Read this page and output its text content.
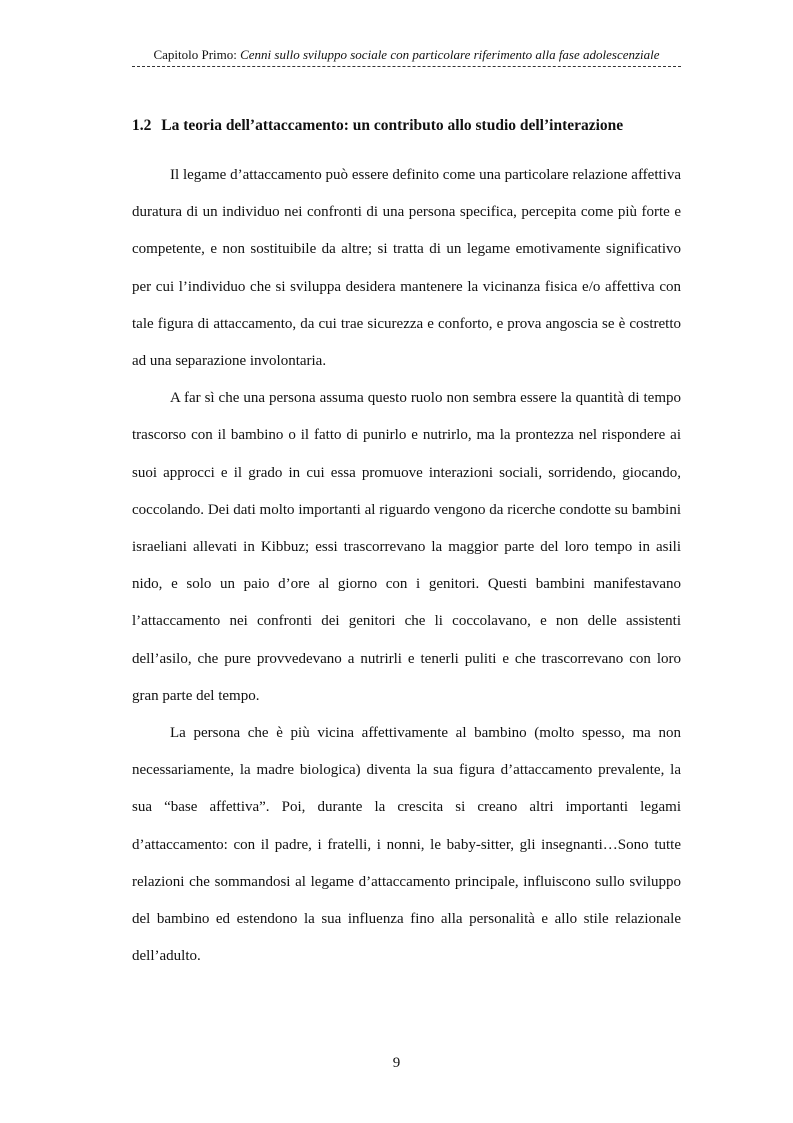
Capitolo Primo: Cenni sullo sviluppo sociale con particolare riferimento alla fase adolescenziale
1.2 La teoria dell’attaccamento: un contributo allo studio dell’interazione

Il legame d’attaccamento può essere definito come una particolare relazione affettiva duratura di un individuo nei confronti di una persona specifica, percepita come più forte e competente, e non sostituibile da altre; si tratta di un legame emotivamente significativo per cui l’individuo che si sviluppa desidera mantenere la vicinanza fisica e/o affettiva con tale figura di attaccamento, da cui trae sicurezza e conforto, e prova angoscia se è costretto ad una separazione involontaria.

A far sì che una persona assuma questo ruolo non sembra essere la quantità di tempo trascorso con il bambino o il fatto di punirlo e nutrirlo, ma la prontezza nel rispondere ai suoi approcci e il grado in cui essa promuove interazioni sociali, sorridendo, giocando, coccolando. Dei dati molto importanti al riguardo vengono da ricerche condotte su bambini israeliani allevati in Kibbuz; essi trascorrevano la maggior parte del loro tempo in asili nido, e solo un paio d’ore al giorno con i genitori. Questi bambini manifestavano l’attaccamento nei confronti dei genitori che li coccolavano, e non delle assistenti dell’asilo, che pure provvedevano a nutrirli e tenerli puliti e che trascorrevano con loro gran parte del tempo.

La persona che è più vicina affettivamente al bambino (molto spesso, ma non necessariamente, la madre biologica) diventa la sua figura d’attaccamento prevalente, la sua “base affettiva”. Poi, durante la crescita si creano altri importanti legami d’attaccamento: con il padre, i fratelli, i nonni, le baby-sitter, gli insegnanti…Sono tutte relazioni che sommandosi al legame d’attaccamento principale, influiscono sullo sviluppo del bambino ed estendono la sua influenza fino alla personalità e allo stile relazionale dell’adulto.

9
